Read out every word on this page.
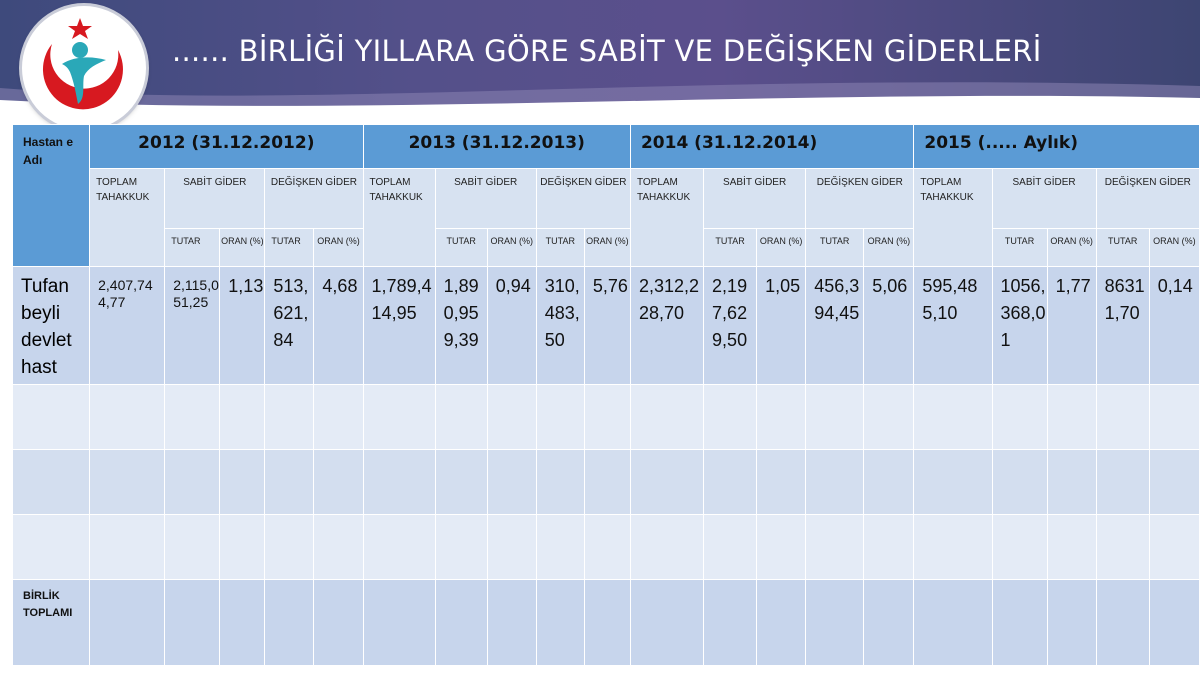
...... BİRLİĞİ YILLARA GÖRE SABİT VE DEĞİŞKEN GİDERLERİ
Hastan e Adı	2012 (31.12.2012)					2013 (31.12.2013)					2014 (31.12.2014)					2015 (..... Aylık)				

	TOPLAM TAHAKKUK	SABİT GİDER		DEĞİŞKEN GİDER		TOPLAM TAHAKKUK	SABİT GİDER		DEĞİŞKEN GİDER		TOPLAM TAHAKKUK	SABİT GİDER		DEĞİŞKEN GİDER		TOPLAM TAHAKKUK	SABİT GİDER		DEĞİŞKEN GİDER	
		TUTAR	ORAN (%)	TUTAR	ORAN (%)		TUTAR	ORAN (%)	TUTAR	ORAN (%)		TUTAR	ORAN (%)	TUTAR	ORAN (%)		TUTAR	ORAN (%)	TUTAR	ORAN (%)
Tufan beyli devlet hast	2,407,744,77	2,115,051,25	1,13	513,621,84	4,68	1,789,414,95	1,890,959,39	0,94	310,483,50	5,76	2,312,228,70	2,197,629,50	1,05	456,394,45	5,06	595,485,10	1056,368,01	1,77	86311,70	0,14

BİRLİK TOPLAMI																				
